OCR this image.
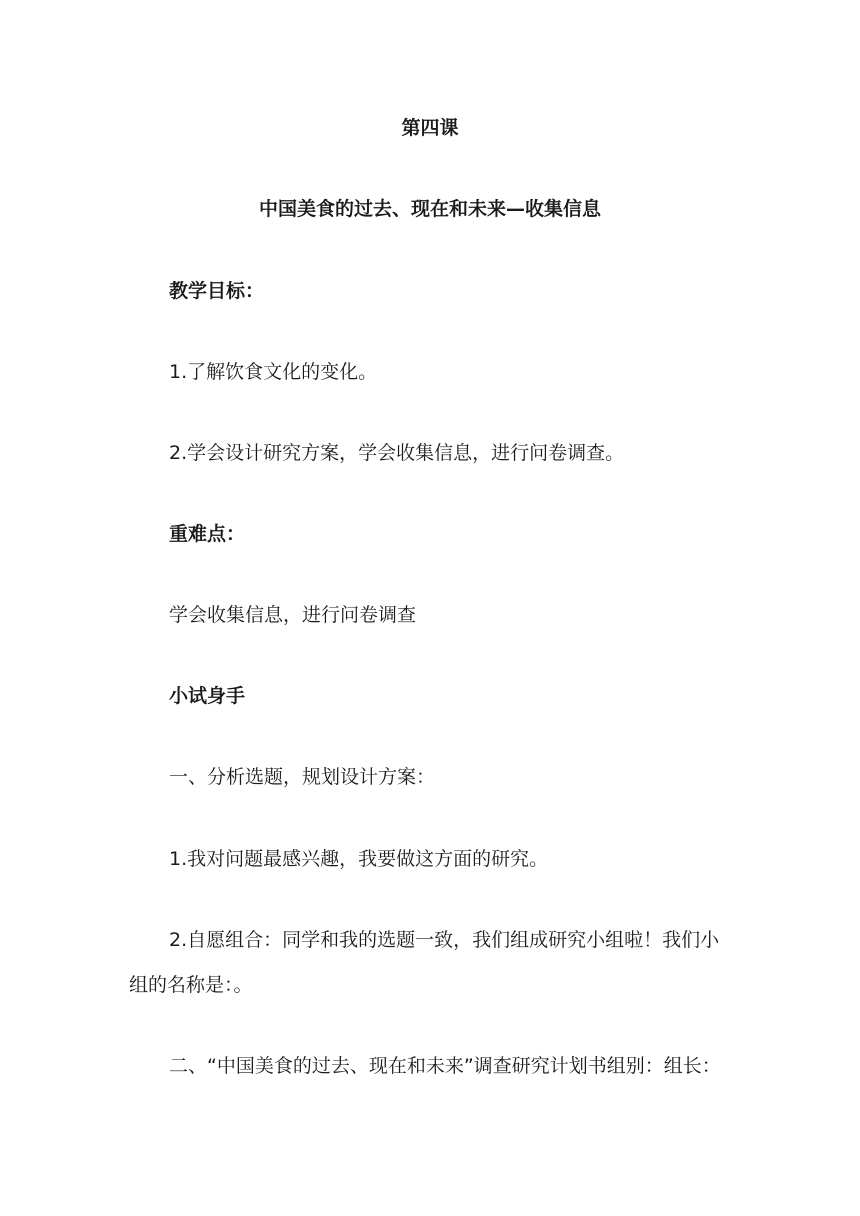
第四课

中国美食的过去、现在和未来—收集信息

教学目标：

1.了解饮食文化的变化。

2.学会设计研究方案，学会收集信息，进行问卷调查。

重难点：

学会收集信息，进行问卷调查

小试身手

一、分析选题，规划设计方案：

1.我对问题最感兴趣，我要做这方面的研究。

2.自愿组合：同学和我的选题一致，我们组成研究小组啦！我们小

组的名称是：。

二、“中国美食的过去、现在和未来”调查研究计划书组别：组长：
